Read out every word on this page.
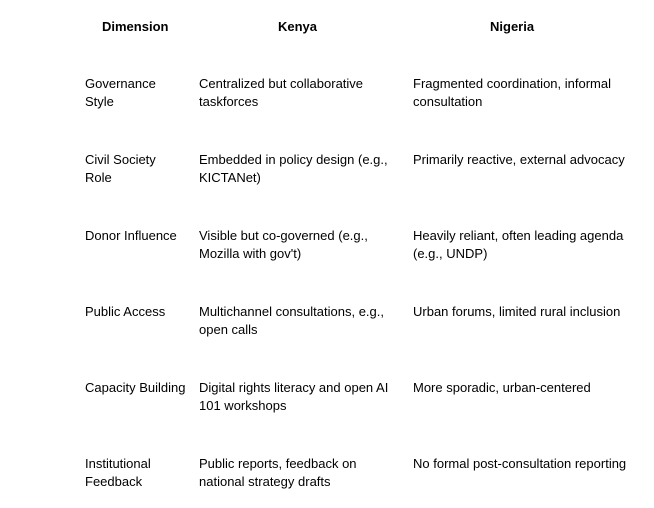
	Dimension	Kenya	Nigeria

	Governance Style	Centralized but collaborative taskforces	Fragmented coordination, informal consultation

	Civil Society Role	Embedded in policy design (e.g., KICTANet)	Primarily reactive, external advocacy

	Donor Influence	Visible but co-governed (e.g., Mozilla with gov't)	Heavily reliant, often leading agenda (e.g., UNDP)

	Public Access	Multichannel consultations, e.g., open calls	Urban forums, limited rural inclusion

	Capacity Building	Digital rights literacy and open AI 101 workshops	More sporadic, urban-centered

	Institutional Feedback	Public reports, feedback on national strategy drafts	No formal post-consultation reporting
